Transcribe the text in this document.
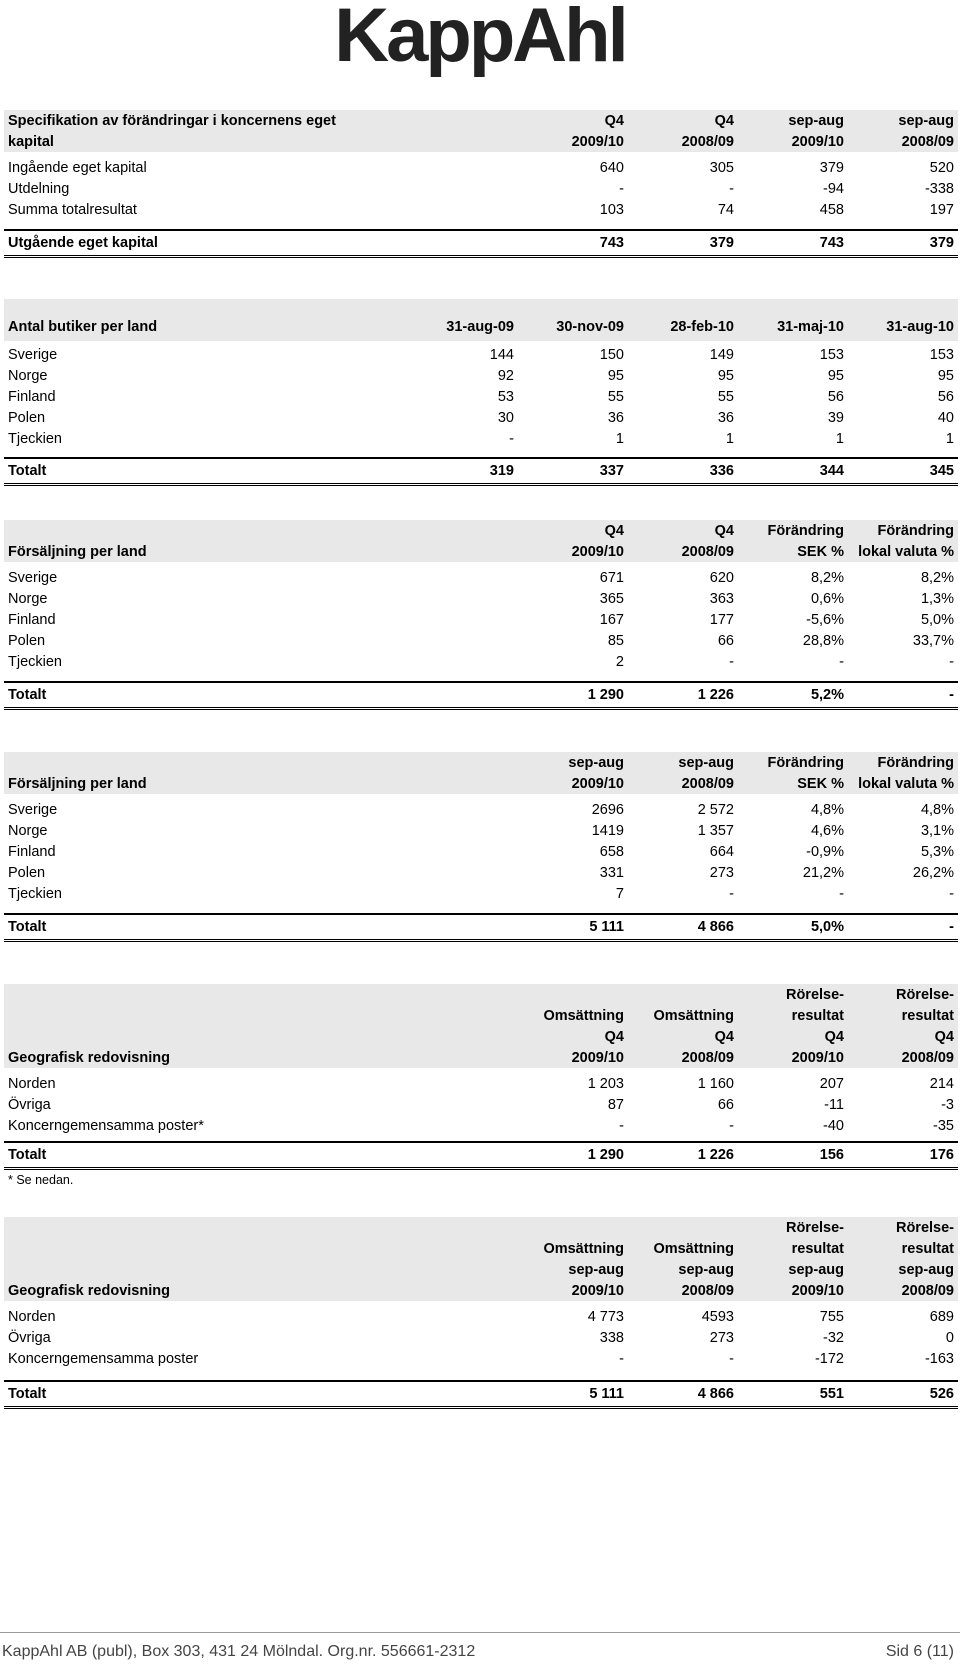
KappAhl
Specifikation av förändringar i koncernens eget	Q4	Q4	sep-aug	sep-aug
kapital	2009/10	2008/09	2009/10	2008/09

Ingående eget kapital	640	305	379	520
Utdelning	-	-	-94	-338
Summa totalresultat	103	74	458	197

Utgående eget kapital	743	379	743	379
Antal butiker per land	31-aug-09	30-nov-09	28-feb-10	31-maj-10	31-aug-10

Sverige	144	150	149	153	153
Norge	92	95	95	95	95
Finland	53	55	55	56	56
Polen	30	36	36	39	40
Tjeckien	-	1	1	1	1

Totalt	319	337	336	344	345
	Q4	Q4	Förändring	Förändring
Försäljning per land	2009/10	2008/09	SEK %	lokal valuta %

Sverige	671	620	8,2%	8,2%
Norge	365	363	0,6%	1,3%
Finland	167	177	-5,6%	5,0%
Polen	85	66	28,8%	33,7%
Tjeckien	2	-	-	-

Totalt	1 290	1 226	5,2%	-
	sep-aug	sep-aug	Förändring	Förändring
Försäljning per land	2009/10	2008/09	SEK %	lokal valuta %

Sverige	2696	2 572	4,8%	4,8%
Norge	1419	1 357	4,6%	3,1%
Finland	658	664	-0,9%	5,3%
Polen	331	273	21,2%	26,2%
Tjeckien	7	-	-	-

Totalt	5 111	4 866	5,0%	-
			Rörelse-	Rörelse-
	Omsättning	Omsättning	resultat	resultat
	Q4	Q4	Q4	Q4
Geografisk redovisning	2009/10	2008/09	2009/10	2008/09

Norden	1 203	1 160	207	214
Övriga	87	66	-11	-3
Koncerngemensamma poster*	-	-	-40	-35

Totalt	1 290	1 226	156	176
* Se nedan.				
			Rörelse-	Rörelse-
	Omsättning	Omsättning	resultat	resultat
	sep-aug	sep-aug	sep-aug	sep-aug
Geografisk redovisning	2009/10	2008/09	2009/10	2008/09

Norden	4 773	4593	755	689
Övriga	338	273	-32	0
Koncerngemensamma poster	-	-	-172	-163

Totalt	5 111	4 866	551	526
KappAhl AB (publ), Box 303, 431 24 Mölndal. Org.nr. 556661-2312	Sid 6 (11)
